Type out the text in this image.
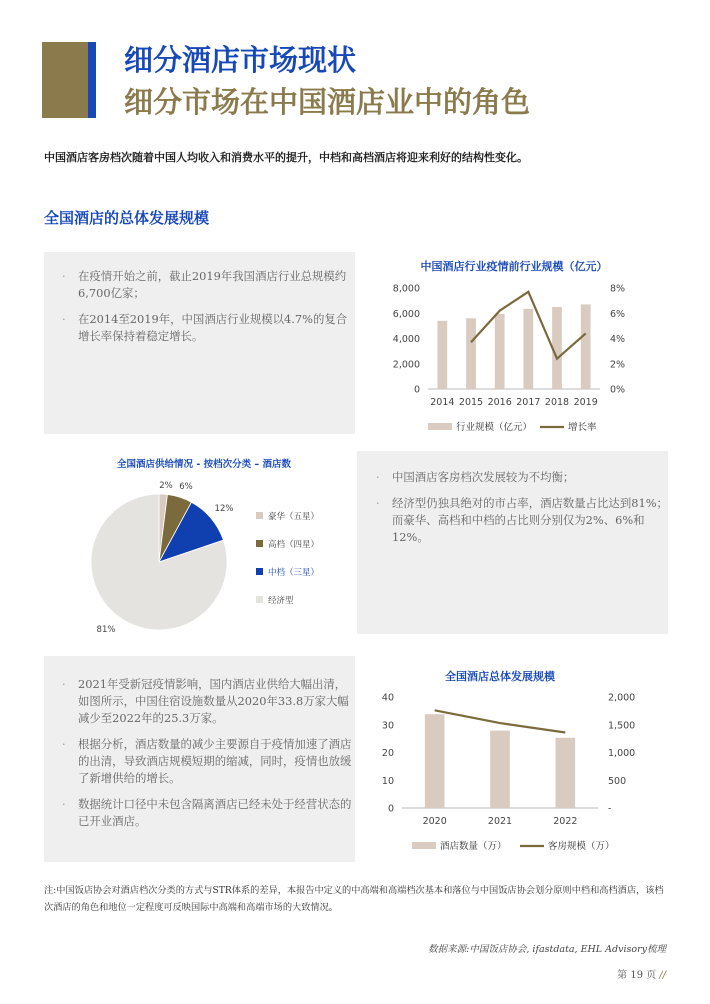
细分酒店市场现状
细分市场在中国酒店业中的角色
中国酒店客房档次随着中国人均收入和消费水平的提升，中档和高档酒店将迎来利好的结构性变化。
全国酒店的总体发展规模
· 在疫情开始之前，截止2019年我国酒店行业总规模约6,700亿家；
· 在2014至2019年，中国酒店行业规模以4.7%的复合增长率保持着稳定增长。
· 中国酒店客房档次发展较为不均衡；
· 经济型仍独具绝对的市占率，酒店数量占比达到81%；而豪华、高档和中档的占比则分别仅为2%、6%和12%。
· 2021年受新冠疫情影响，国内酒店业供给大幅出清，如图所示，中国住宿设施数量从2020年33.8万家大幅减少至2022年的25.3万家。
· 根据分析，酒店数量的减少主要源自于疫情加速了酒店的出清，导致酒店规模短期的缩减，同时，疫情也放缓了新增供给的增长。
· 数据统计口径中未包含隔离酒店已经未处于经营状态的已开业酒店。
中国酒店行业疫情前行业规模（亿元）
0
2,000
4,000
6,000
8,000
0%
2%
4%
6%
8%
2014 2015 2016 2017 2018 2019
行业规模（亿元）	增长率
全国酒店供给情况 - 按档次分类 – 酒店数
2% 6%
12%
81%
豪华（五星）
高档（四星）
中档（三星）
经济型
全国酒店总体发展规模
0
10
20
30
40
-
500
1,000
1,500
2,000
2020	2021	2022
酒店数量（万）	客房规模（万）
注:中国饭店协会对酒店档次分类的方式与STR体系的差异，本报告中定义的中高端和高端档次基本和落位与中国饭店协会划分原则中档和高档酒店，该档次酒店的角色和地位一定程度可反映国际中高端和高端市场的大致情况。
数据来源:中国饭店协会, ifastdata, EHL Advisory梳理
第 19 页 //
